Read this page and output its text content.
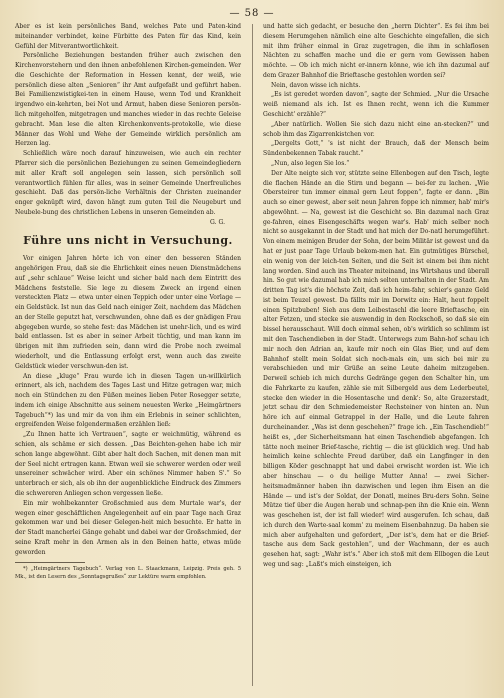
— 58 —

Aber es ist kein persönliches Band, welches Pate und Paten-kind miteinander verbindet, keine Fürbitte des Paten für das Kind, kein Gefühl der Mitverantwortlichkeit.

Persönliche Beziehungen bestanden früher auch zwischen den Kirchenvorstehern und den ihnen anbefohlenen Kirchen-gemeinden. Wer die Geschichte der Reformation in Hessen kennt, der weiß, wie persönlich diese alten „Senioren“ ihr Amt aufgefaßt und geführt haben. Bei Familienzwistigkei-ten in einem Hause, wenn Tod und Krankheit irgendwo ein-kehrten, bei Not und Armut, haben diese Senioren persön-lich mitgeholfen, mitgetragen und manches wieder in das rechte Geleise gebracht. Man lese die alten Kirchenkonvents-protokolle, wie diese Männer das Wohl und Wehe der Gemeinde wirklich persönlich am Herzen lag.

Schließlich wäre noch darauf hinzuweisen, wie auch ein rechter Pfarrer sich die persönlichen Beziehungen zu seinen Gemeindegliedern mit aller Kraft soll angelegen sein lassen, sich persönlich soll verantwortlich fühlen für alles, was in seiner Gemeinde Unerfreuliches geschieht. Daß das persön-liche Verhältnis der Christen zueinander enger geknüpft wird, davon hängt zum guten Teil die Neugeburt und Neubele-bung des christlichen Lebens in unseren Gemeinden ab.

G. G.

Führe uns nicht in Versuchung.

Vor einigen Jahren hörte ich von einer den besseren Ständen angehörigen Frau, daß sie die Ehrlichkeit eines neuen Dienstmädchens auf „sehr schlaue“ Weise leicht und sicher bald nach dem Eintritt des Mädchens feststelle. Sie lege zu diesem Zweck an irgend einen versteckten Platz — etwa unter einen Teppich oder unter eine Vorlage — ein Geldstück. Ist nun das Geld nach einiger Zeit, nachdem das Mädchen an der Stelle geputzt hat, verschwunden, ohne daß es der gnädigen Frau abgegeben wurde, so stehe fest: das Mädchen ist unehr-lich, und es wird bald entlassen. Ist es aber in seiner Arbeit tüchtig, und man kann im übrigen mit ihm zufrieden sein, dann wird die Probe noch zweimal wiederholt, und die Entlassung erfolgt erst, wenn auch das zweite Geldstück wieder verschwun-den ist.

An diese „kluge“ Frau wurde ich in diesen Tagen un-willkürlich erinnert, als ich, nachdem des Tages Last und Hitze getragen war, mich noch ein Stündchen zu den Füßen meines lieben Peter Rosegger setzte, indem ich einige Abschnitte aus seinem neuesten Werke „Heimgärtners Tagebuch“*) las und mir da von ihm ein Erlebnis in seiner schlichten, ergreifenden Weise folgendermaßen erzählen ließ:

„Zu Ihnen hatte ich Vertrauen“, sagte er weichmütig, während es schien, als schäme er sich dessen. „Das Beichten-gehen habe ich mir schon lange abgewöhnt. Gibt aber halt doch Sachen, mit denen man mit der Seel nicht ertragen kann. Etwan weil sie schwerer werden oder weil unsereiner schwächer wird. Aber ein schönes Nimmer haben S'.“ So unterbrach er sich, als ob ihn der augenblickliche Eindruck des Zimmers die schwereren Anliegen schon vergessen ließe.

Ein mir wohlbekannter Großschmied aus dem Murtale war's, der wegen einer geschäftlichen Angelegenheit auf ein paar Tage nach Graz gekommen war und bei dieser Gelegen-heit mich besuchte. Er hatte in der Stadt mancherlei Gänge gehabt und dabei war der Großschmied, der seine Kraft mehr in den Armen als in den Beinen hatte, etwas müde geworden

*) „Heimgärtners Tagebuch“. Verlag von L. Staackmann, Leipzig. Preis geh. 5 Mk., ist den Lesern des „Sonntagsgrußes“ zur Lektüre warm empfohlen.

und hatte sich gedacht, er besuche den „herrn Dichter“. Es fei ihm bei diesem Herumgehen nämlich eine alte Geschichte eingefallen, die sich mit ihm früher einmal in Graz zugetragen, die ihm in schlaflosen Nächten zu schaffen mache und die er gern vom Gewissen haben möchte. — Ob ich mich nicht er-innern könne, wie ich ihn dazumal auf dem Grazer Bahnhof die Brieftasche gestohlen worden sei?

Nein, davon wisse ich nichts.

„Es ist geredet worden davon“, sagte der Schmied. „Nur die Ursache weiß niemand als ich. Ist es Ihnen recht, wenn ich die Kummer Geschicht' erzähle?“

„Aber natürlich. Wollen Sie sich dazu nicht eine an-stecken?“ und schob ihm das Zigarrenkistchen vor.

„Dergelts Gott,“ 's ist nicht der Brauch, daß der Mensch beim Sündenbekennen Tabak raucht.“

„Nun, also legen Sie los.“

Der Alte neigte sich vor, stützte seine Ellenbogen auf den Tisch, legte die flachen Hände an die Stirn und begann — bei-fer zu lachen. „Wie Obersteirer tun immer einmal gern Leut foppen“, fagte er dann. „Bin auch so einer gewest, aber seit neun Jahren foppe ich nimmer, hab' mir's abgewöhnt. — Na, gewest ist die Geschicht so. Bin dazumal nach Graz ge-fahren, eines Eisengeschäfts wegen war's. Hab' mich selber noch nicht so ausgekannt in der Stadt und hat mich der Do-natl herumgeführt. Von einem meinigen Bruder der Sohn, der beim Militär ist gewest und da hat er just paar Tage Urlaub bekom-men hat. Ein gutmütiges Bürschel, ein wenig von der leich-ten Seiten, und die Seit ist einem bei ihm nicht lang worden. Sind auch ins Theater miteinand, ins Wirtshaus und überall hin. So gut wie dazumal hab ich mich selten unterhalten in der Stadt. Am dritten Tag ist's die höchste Zeit, daß ich heim-fahr, schier's ganze Geld ist beim Teuzel gewest. Da fällts mir im Dorwitz ein: Halt, heut foppelt einen Spitzbuben! Sieh aus dem Leibestaschl die leere Brieftasche, ein alter Fetzen, und stecke sie auswendig in den Rockschoß, so daß sie ein bissel herausschaut. Will doch einmal sehen, ob's wirklich so schlimm ist mit den Taschendieben in der Stadt. Unterwegs zum Bahn-hof schau ich mir noch den Adrian an, kaufe mir noch ein Glas Bier, und auf dem Bahnhof stellt mein Soldat sich noch-mals ein, um sich bei mir zu verabschieden und mir Grüße an seine Leute daheim mitzugeben. Derweil schieb ich mich durchs Gedränge gegen den Schalter hin, um die Fahrkarte zu kaufen, zähle sie mit Silbergeld aus dem Lederbeutel, stecke den wieder in die Hosentasche und denk': So, alte Grazerstadt, jetzt schau dir den Schmiedemeister Rechsteiner von hinten an. Nun höre ich auf einmal Getrappel in der Halle, und die Leute fahren durcheinander. „Was ist denn geschehen?“ frage ich. „Ein Taschendieb!“ heißt es, „der Sicherheitsmann hat einen Taschendieb abgefangen. Ich tätte noch meiner Brief-tasche, richtig — die ist glücklich weg. Und hab heimlich keine schlechte Freud darüber, daß ein Langfinger in den billigen Köder geschnappt hat und dabei erwischt worden ist. Wie ich aber hinschau — o du heilige Mutter Anna! — zwei Sicher-heitsmadmänner haben ihn dazwischen und legen ihm Eisen an die Hände — und ist's der Soldat, der Donatl, meines Bru-ders Sohn. Seine Mütze tief über die Augen herab und schnap-pen ihn die Knie ein. Wenn was geschehen ist, der ist fall wieder! wird ausgerufen. Ich schau, daß ich durch den Warte-saal komm' zu meinem Eisenbahnzug. Da haben sie mich aber aufgehalten und gefordert, „Der ist's, dem hat er die Brief-tasche aus dem Sack gestohlen“, und der Wachmann, der es auch gesehen hat, sagt: „Wahr ist's.“ Aber ich stoß mit dem Ellbogen die Leut weg und sag: „Laßt's mich einsteigen, ich
